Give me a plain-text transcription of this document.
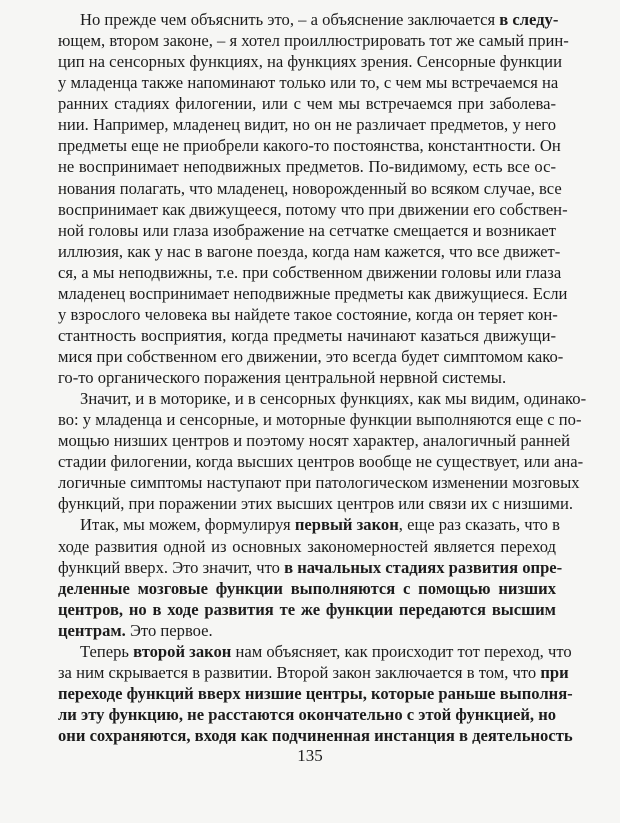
Но прежде чем объяснить это, – а объяснение заключается в следу-
ющем, втором законе, – я хотел проиллюстрировать тот же самый прин-
цип на сенсорных функциях, на функциях зрения. Сенсорные функции
у младенца также напоминают только или то, с чем мы встречаемся на
ранних стадиях филогении, или с чем мы встречаемся при заболева-
нии. Например, младенец видит, но он не различает предметов, у него
предметы еще не приобрели какого-то постоянства, константности. Он
не воспринимает неподвижных предметов. По-видимому, есть все ос-
нования полагать, что младенец, новорожденный во всяком случае, все
воспринимает как движущееся, потому что при движении его собствен-
ной головы или глаза изображение на сетчатке смещается и возникает
иллюзия, как у нас в вагоне поезда, когда нам кажется, что все движет-
ся, а мы неподвижны, т.е. при собственном движении головы или глаза
младенец воспринимает неподвижные предметы как движущиеся. Если
у взрослого человека вы найдете такое состояние, когда он теряет кон-
стантность восприятия, когда предметы начинают казаться движущи-
мися при собственном его движении, это всегда будет симптомом како-
го-то органического поражения центральной нервной системы.
Значит, и в моторике, и в сенсорных функциях, как мы видим, одинако-
во: у младенца и сенсорные, и моторные функции выполняются еще с по-
мощью низших центров и поэтому носят характер, аналогичный ранней
стадии филогении, когда высших центров вообще не существует, или ана-
логичные симптомы наступают при патологическом изменении мозговых
функций, при поражении этих высших центров или связи их с низшими.
Итак, мы можем, формулируя первый закон, еще раз сказать, что в
ходе развития одной из основных закономерностей является переход
функций вверх. Это значит, что в начальных стадиях развития опре-
деленные мозговые функции выполняются с помощью низших
центров, но в ходе развития те же функции передаются высшим
центрам. Это первое.
Теперь второй закон нам объясняет, как происходит тот переход, что
за ним скрывается в развитии. Второй закон заключается в том, что при
переходе функций вверх низшие центры, которые раньше выполня-
ли эту функцию, не расстаются окончательно с этой функцией, но
они сохраняются, входя как подчиненная инстанция в деятельность
135
